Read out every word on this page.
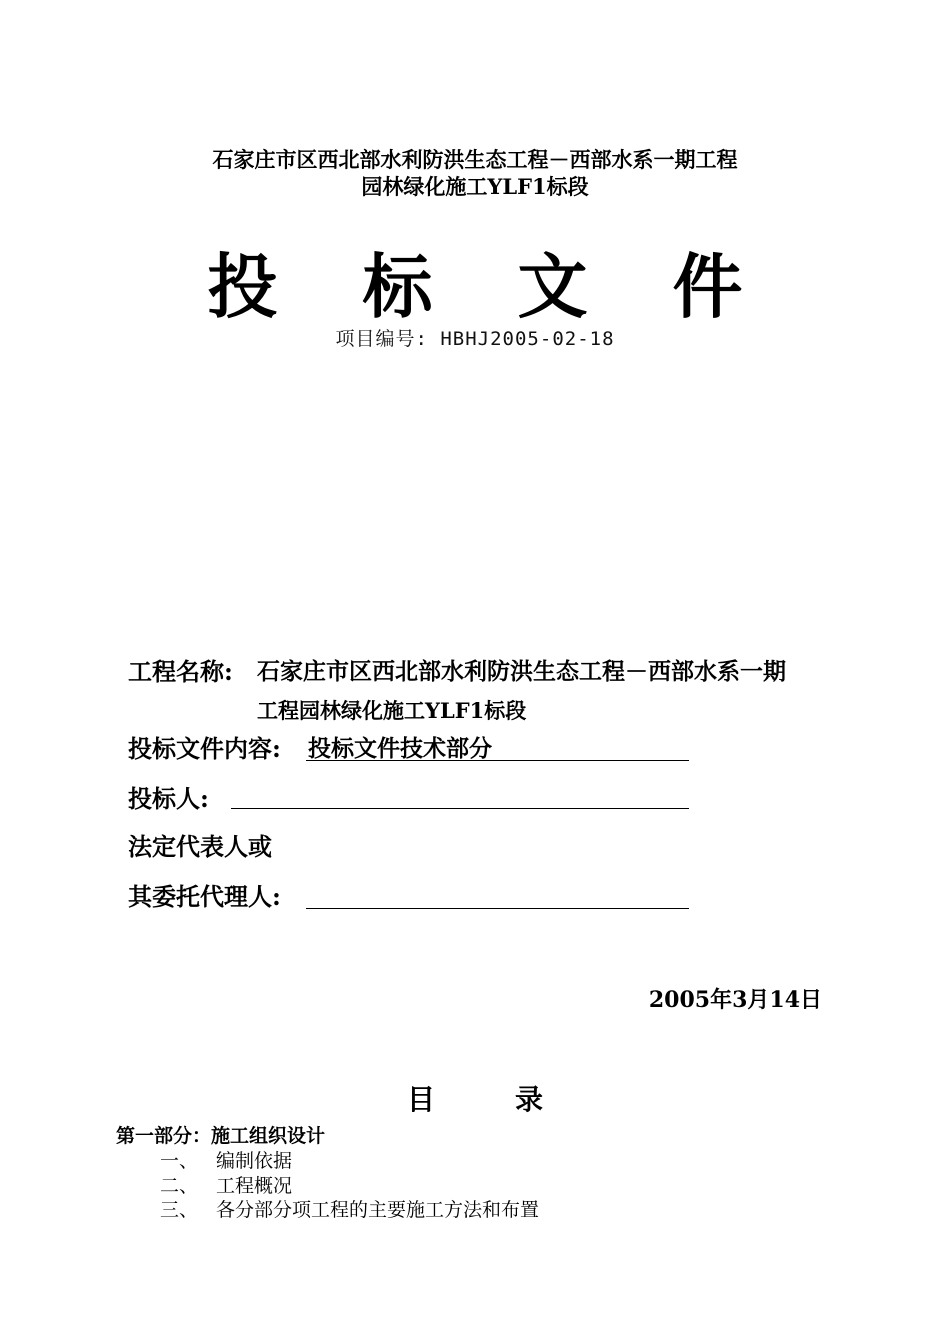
石家庄市区西北部水利防洪生态工程－西部水系一期工程
园林绿化施工YLF1标段
投 标 文 件
项目编号: HBHJ2005-02-18
工程名称: 石家庄市区西北部水利防洪生态工程－西部水系一期
工程园林绿化施工YLF1标段
投标文件内容: 投标文件技术部分
投标人:
法定代表人或
其委托代理人:
2005年3月14日
目	录
第一部分：施工组织设计
一、 编制依据
二、 工程概况
三、 各分部分项工程的主要施工方法和布置
